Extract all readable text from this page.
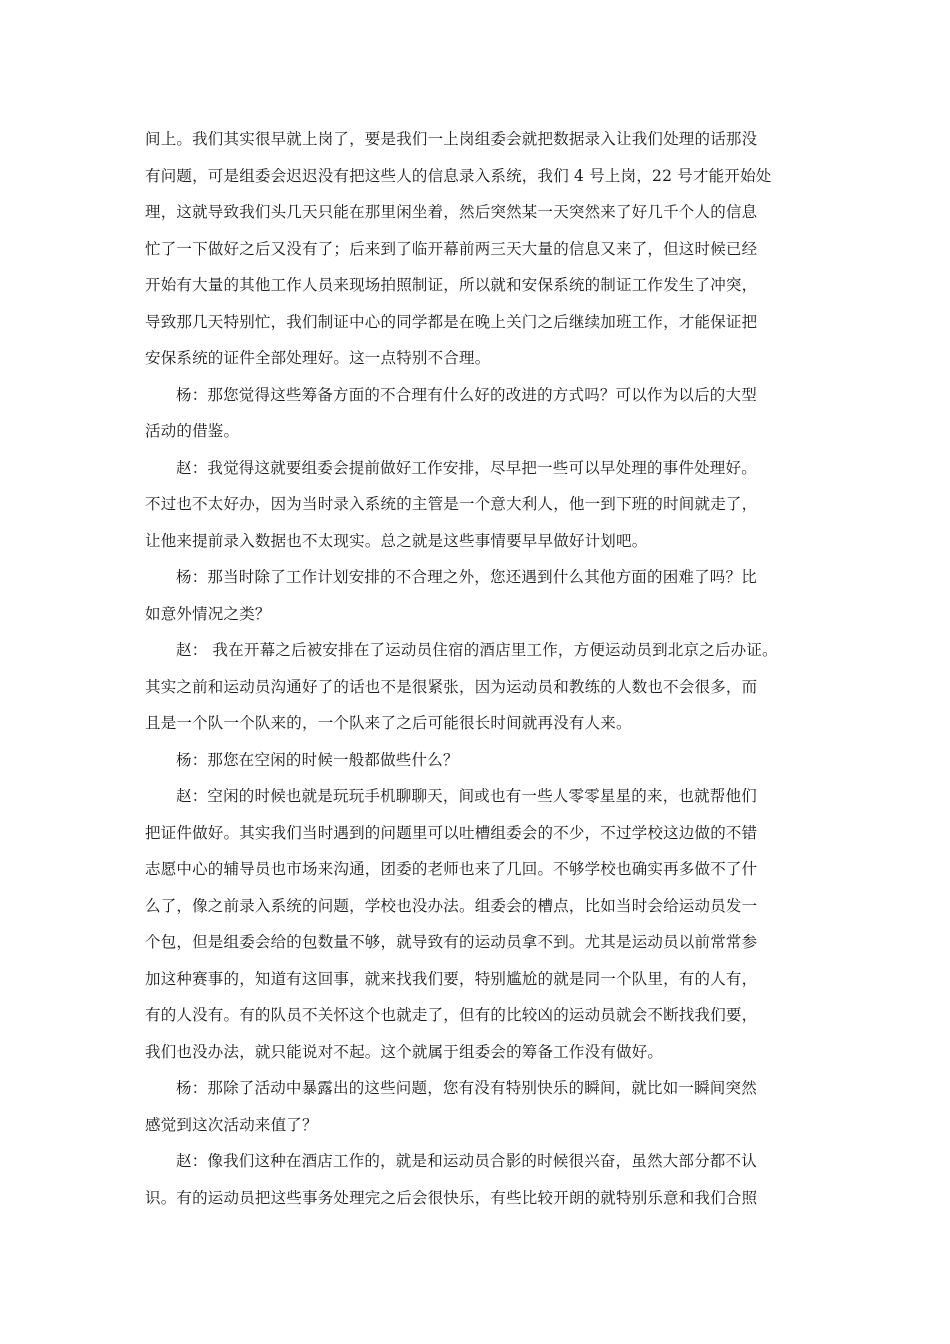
间上。我们其实很早就上岗了，要是我们一上岗组委会就把数据录入让我们处理的话那没
有问题，可是组委会迟迟没有把这些人的信息录入系统，我们 4 号上岗，22 号才能开始处
理，这就导致我们头几天只能在那里闲坐着，然后突然某一天突然来了好几千个人的信息
忙了一下做好之后又没有了；后来到了临开幕前两三天大量的信息又来了，但这时候已经
开始有大量的其他工作人员来现场拍照制证，所以就和安保系统的制证工作发生了冲突，
导致那几天特别忙，我们制证中心的同学都是在晚上关门之后继续加班工作，才能保证把
安保系统的证件全部处理好。这一点特别不合理。
杨：那您觉得这些筹备方面的不合理有什么好的改进的方式吗？可以作为以后的大型
活动的借鉴。
赵：我觉得这就要组委会提前做好工作安排，尽早把一些可以早处理的事件处理好。
不过也不太好办，因为当时录入系统的主管是一个意大利人，他一到下班的时间就走了，
让他来提前录入数据也不太现实。总之就是这些事情要早早做好计划吧。
杨：那当时除了工作计划安排的不合理之外，您还遇到什么其他方面的困难了吗？比
如意外情况之类？
赵： 我在开幕之后被安排在了运动员住宿的酒店里工作，方便运动员到北京之后办证。
其实之前和运动员沟通好了的话也不是很紧张，因为运动员和教练的人数也不会很多，而
且是一个队一个队来的，一个队来了之后可能很长时间就再没有人来。
杨：那您在空闲的时候一般都做些什么？
赵：空闲的时候也就是玩玩手机聊聊天，间或也有一些人零零星星的来，也就帮他们
把证件做好。其实我们当时遇到的问题里可以吐槽组委会的不少，不过学校这边做的不错
志愿中心的辅导员也市场来沟通，团委的老师也来了几回。不够学校也确实再多做不了什
么了，像之前录入系统的问题，学校也没办法。组委会的槽点，比如当时会给运动员发一
个包，但是组委会给的包数量不够，就导致有的运动员拿不到。尤其是运动员以前常常参
加这种赛事的，知道有这回事，就来找我们要，特别尴尬的就是同一个队里，有的人有，
有的人没有。有的队员不关怀这个也就走了，但有的比较凶的运动员就会不断找我们要，
我们也没办法，就只能说对不起。这个就属于组委会的筹备工作没有做好。
杨：那除了活动中暴露出的这些问题，您有没有特别快乐的瞬间，就比如一瞬间突然
感觉到这次活动来值了？
赵：像我们这种在酒店工作的，就是和运动员合影的时候很兴奋，虽然大部分都不认
识。有的运动员把这些事务处理完之后会很快乐，有些比较开朗的就特别乐意和我们合照
